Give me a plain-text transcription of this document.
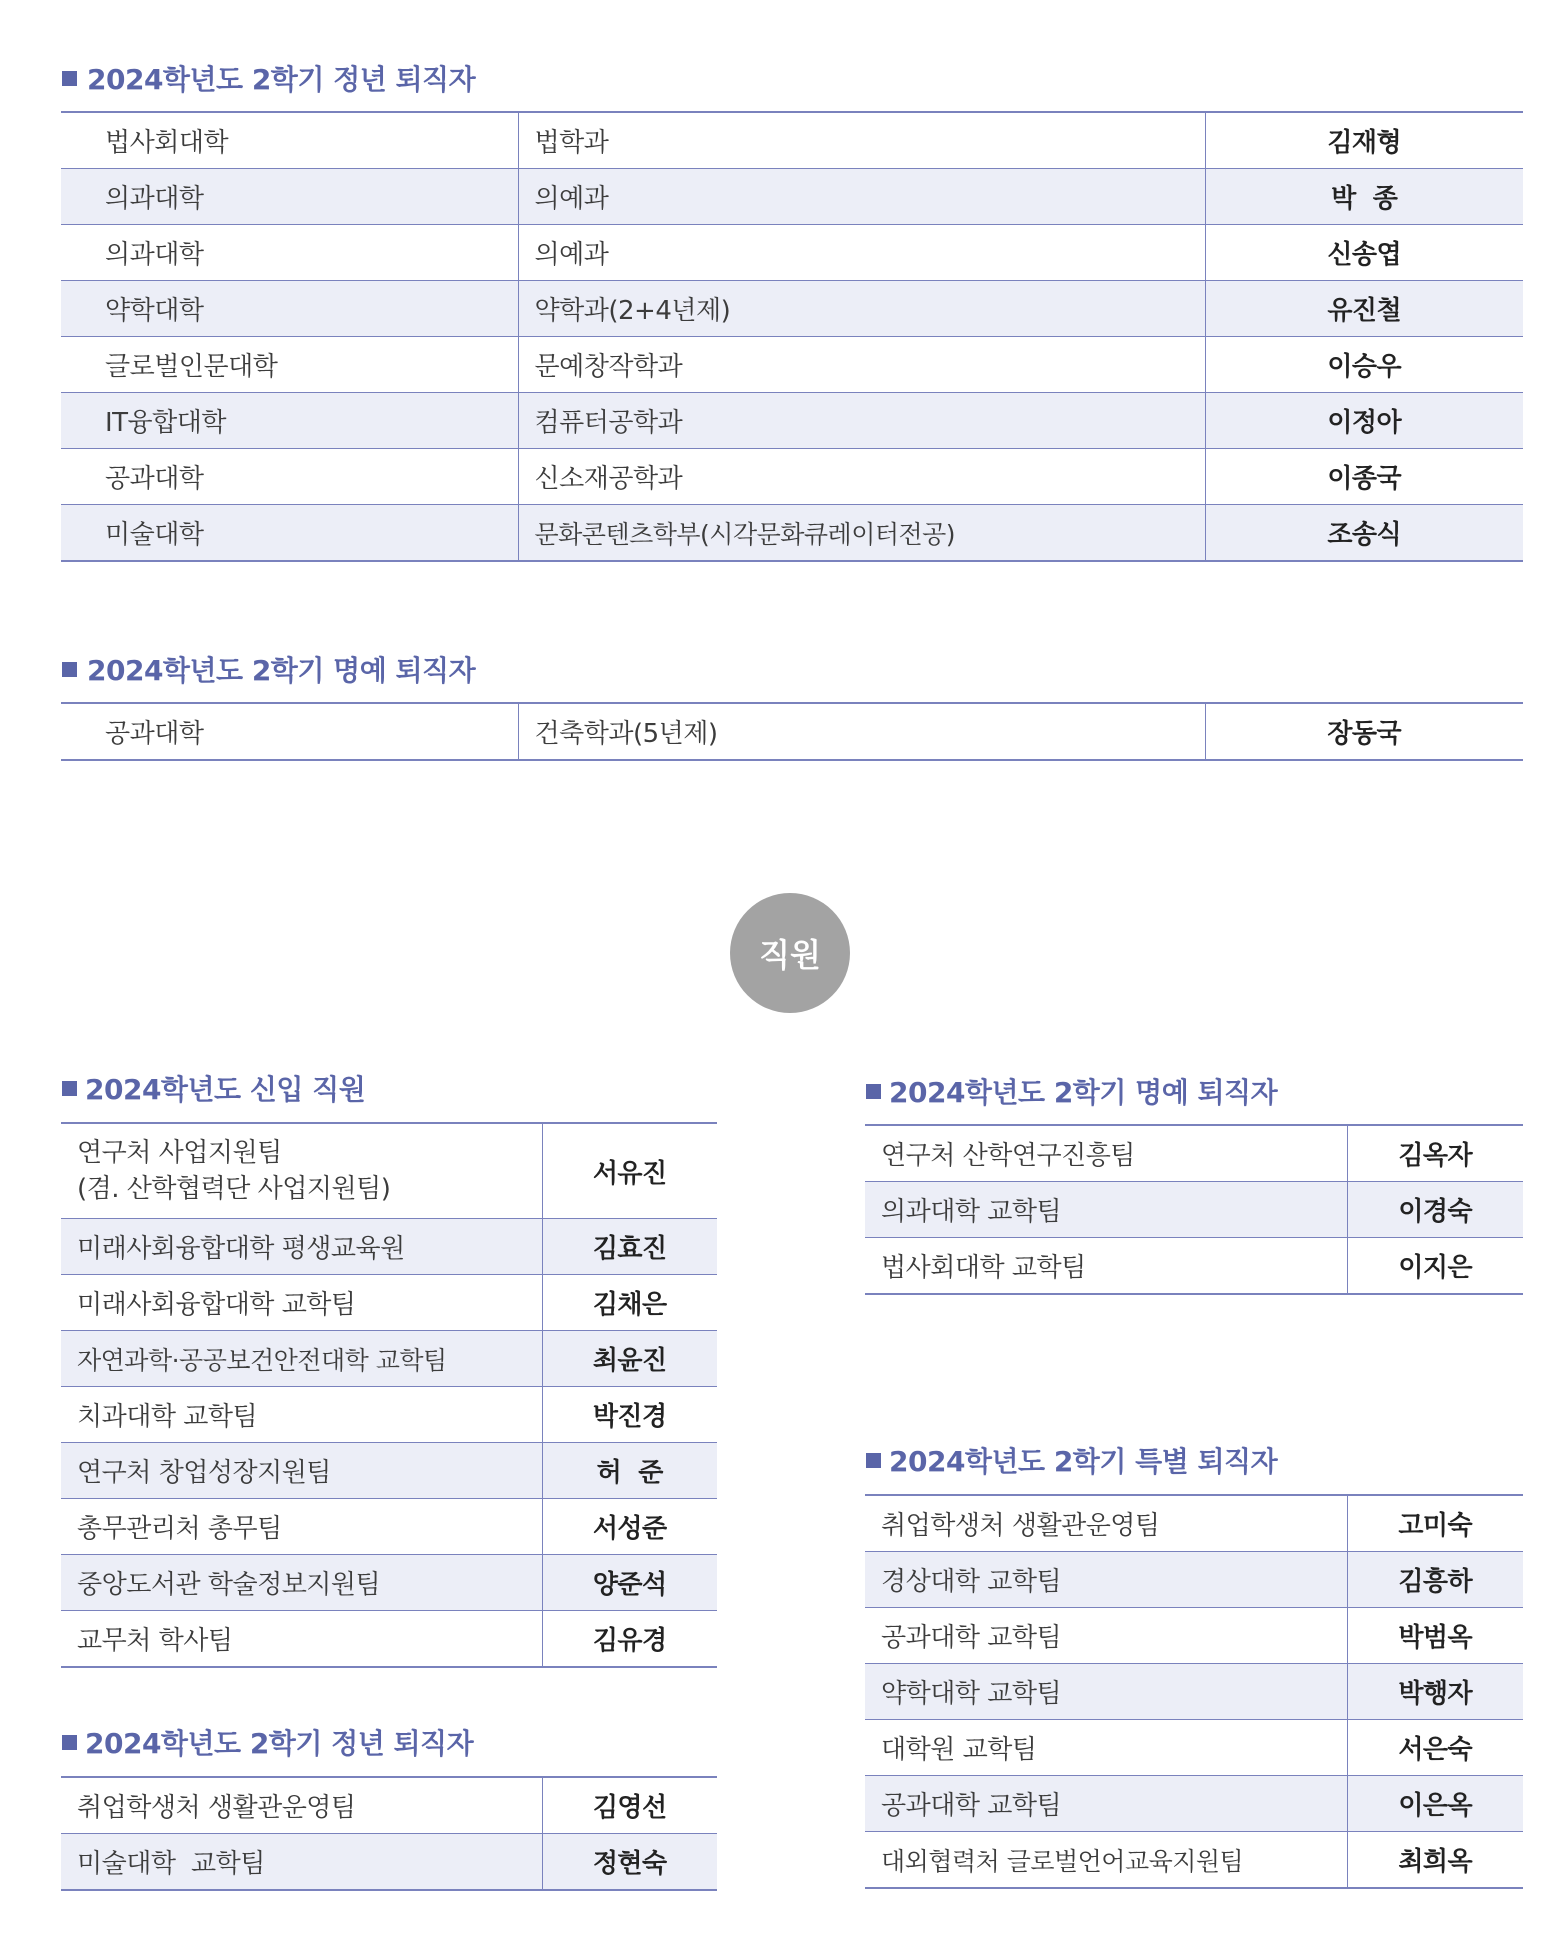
2024학년도 2학기 정년 퇴직자
법사회대학	법학과	김재형
의과대학	의예과	박  종
의과대학	의예과	신송엽
약학대학	약학과(2+4년제)	유진철
글로벌인문대학	문예창작학과	이승우
IT융합대학	컴퓨터공학과	이정아
공과대학	신소재공학과	이종국
미술대학	문화콘텐츠학부(시각문화큐레이터전공)	조송식
2024학년도 2학기 명예 퇴직자
공과대학	건축학과(5년제)	장동국
직원
2024학년도 신입 직원
연구처 사업지원팀
(겸. 산학협력단 사업지원팀)	서유진
미래사회융합대학 평생교육원	김효진
미래사회융합대학 교학팀	김채은
자연과학·공공보건안전대학 교학팀	최윤진
치과대학 교학팀	박진경
연구처 창업성장지원팀	허  준
총무관리처 총무팀	서성준
중앙도서관 학술정보지원팀	양준석
교무처 학사팀	김유경
2024학년도 2학기 정년 퇴직자
취업학생처 생활관운영팀	김영선
미술대학  교학팀	정현숙
2024학년도 2학기 명예 퇴직자
연구처 산학연구진흥팀	김옥자
의과대학 교학팀	이경숙
법사회대학 교학팀	이지은
2024학년도 2학기 특별 퇴직자
취업학생처 생활관운영팀	고미숙
경상대학 교학팀	김흥하
공과대학 교학팀	박범옥
약학대학 교학팀	박행자
대학원 교학팀	서은숙
공과대학 교학팀	이은옥
대외협력처 글로벌언어교육지원팀	최희옥
